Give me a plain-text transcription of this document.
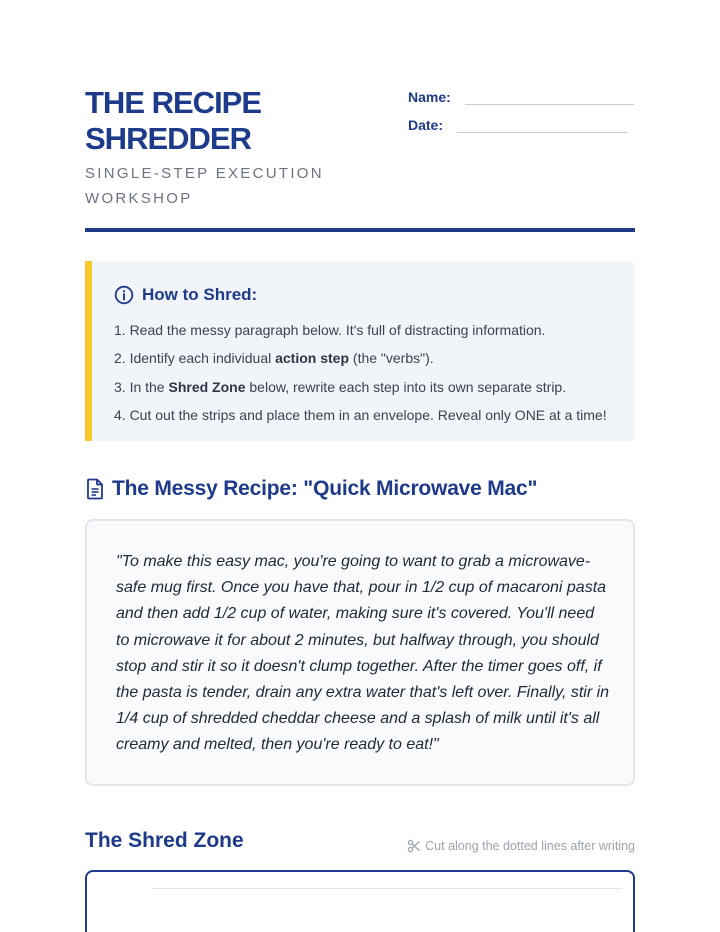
THE RECIPE SHREDDER
SINGLE-STEP EXECUTION WORKSHOP
Name:
Date:
How to Shred:
1. Read the messy paragraph below. It's full of distracting information.
2. Identify each individual action step (the "verbs").
3. In the Shred Zone below, rewrite each step into its own separate strip.
4. Cut out the strips and place them in an envelope. Reveal only ONE at a time!
The Messy Recipe: "Quick Microwave Mac"

"To make this easy mac, you're going to want to grab a microwave-safe mug first. Once you have that, pour in 1/2 cup of macaroni pasta and then add 1/2 cup of water, making sure it's covered. You'll need to microwave it for about 2 minutes, but halfway through, you should stop and stir it so it doesn't clump together. After the timer goes off, if the pasta is tender, drain any extra water that's left over. Finally, stir in 1/4 cup of shredded cheddar cheese and a splash of milk until it's all creamy and melted, then you're ready to eat!"

The Shred Zone	Cut along the dotted lines after writing
